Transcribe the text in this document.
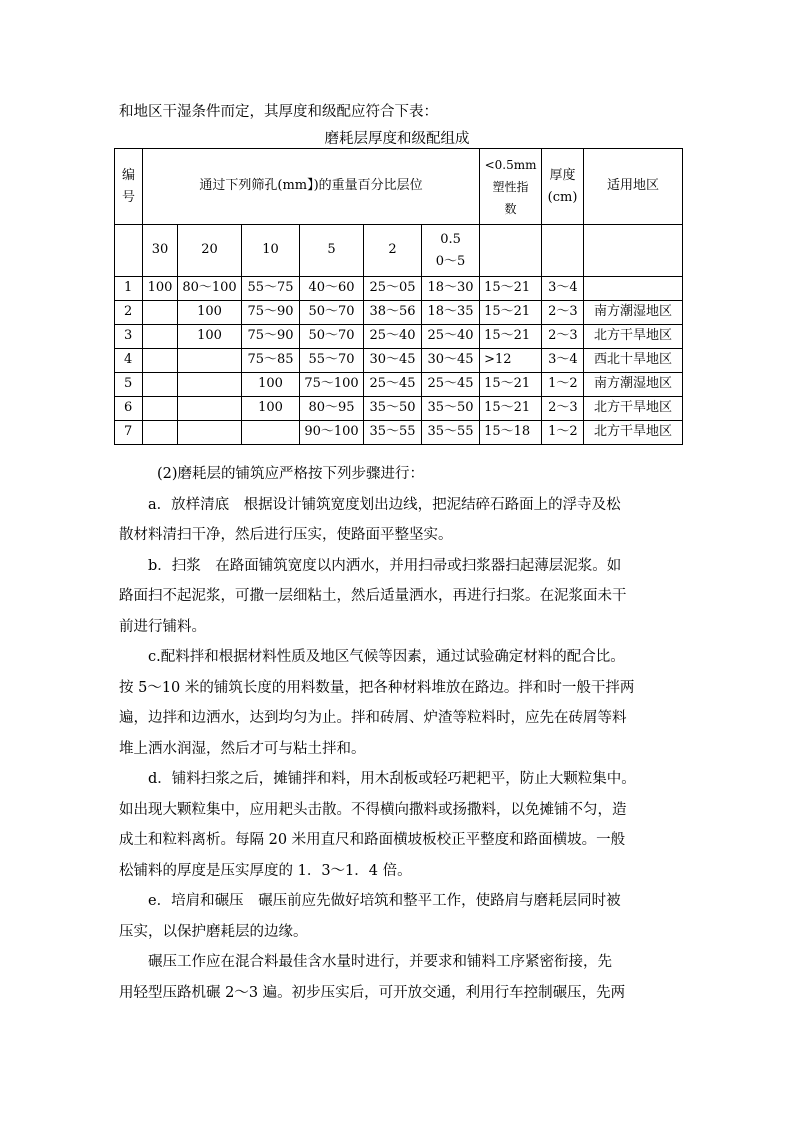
和地区干湿条件而定，其厚度和级配应符合下表：
磨耗层厚度和级配组成
编
号	通过下列筛孔(mm】)的重量百分比层位						<0.5mm
塑性指
数	厚度
(cm)	适用地区
	30	20	10	5	2	0.5
0～5			

1	100	80～100	55～75	40～60	25～05	18～30	15～21	3～4	
2		100	75～90	50～70	38～56	18～35	15～21	2～3	南方潮湿地区
3		100	75～90	50～70	25～40	25～40	15～21	2～3	北方干旱地区
4			75～85	55～70	30～45	30～45	>12	3～4	西北十旱地区
5			100	75～100	25～45	25～45	15～21	1～2	南方潮湿地区
6			100	80～95	35～50	35～50	15～21	2～3	北方干旱地区
7				90～100	35～55	35～55	15～18	1～2	北方干旱地区
(2)磨耗层的铺筑应严格按下列步骤进行：
a．放样清底　根据设计铺筑宽度划出边线，把泥结碎石路面上的浮寺及松
散材料清扫干净，然后进行压实，使路面平整坚实。
b．扫浆　在路面铺筑宽度以内洒水，并用扫帚或扫浆器扫起薄层泥浆。如
路面扫不起泥浆，可撒一层细粘土，然后适量洒水，再进行扫浆。在泥浆面未干
前进行铺料。
c.配料拌和根据材料性质及地区气候等因素，通过试验确定材料的配合比。
按 5～10 米的铺筑长度的用料数量，把各种材料堆放在路边。拌和时一般干拌两
遍，边拌和边洒水，达到均匀为止。拌和砖屑、炉渣等粒料时，应先在砖屑等料
堆上洒水润湿，然后才可与粘土拌和。
d．铺料扫浆之后，摊铺拌和料，用木刮板或轻巧耙耙平，防止大颗粒集中。
如出现大颗粒集中，应用耙头击散。不得横向撒料或扬撒料，以免摊铺不匀，造
成土和粒料离析。每隔 20 米用直尺和路面横坡板校正平整度和路面横坡。一般
松铺料的厚度是压实厚度的 1．3～1．4 倍。
e．培肩和碾压　碾压前应先做好培筑和整平工作，使路肩与磨耗层同时被
压实，以保护磨耗层的边缘。
碾压工作应在混合料最佳含水量时进行，并要求和铺料工序紧密衔接，先
用轻型压路机碾 2～3 遍。初步压实后，可开放交通，利用行车控制碾压，先两
